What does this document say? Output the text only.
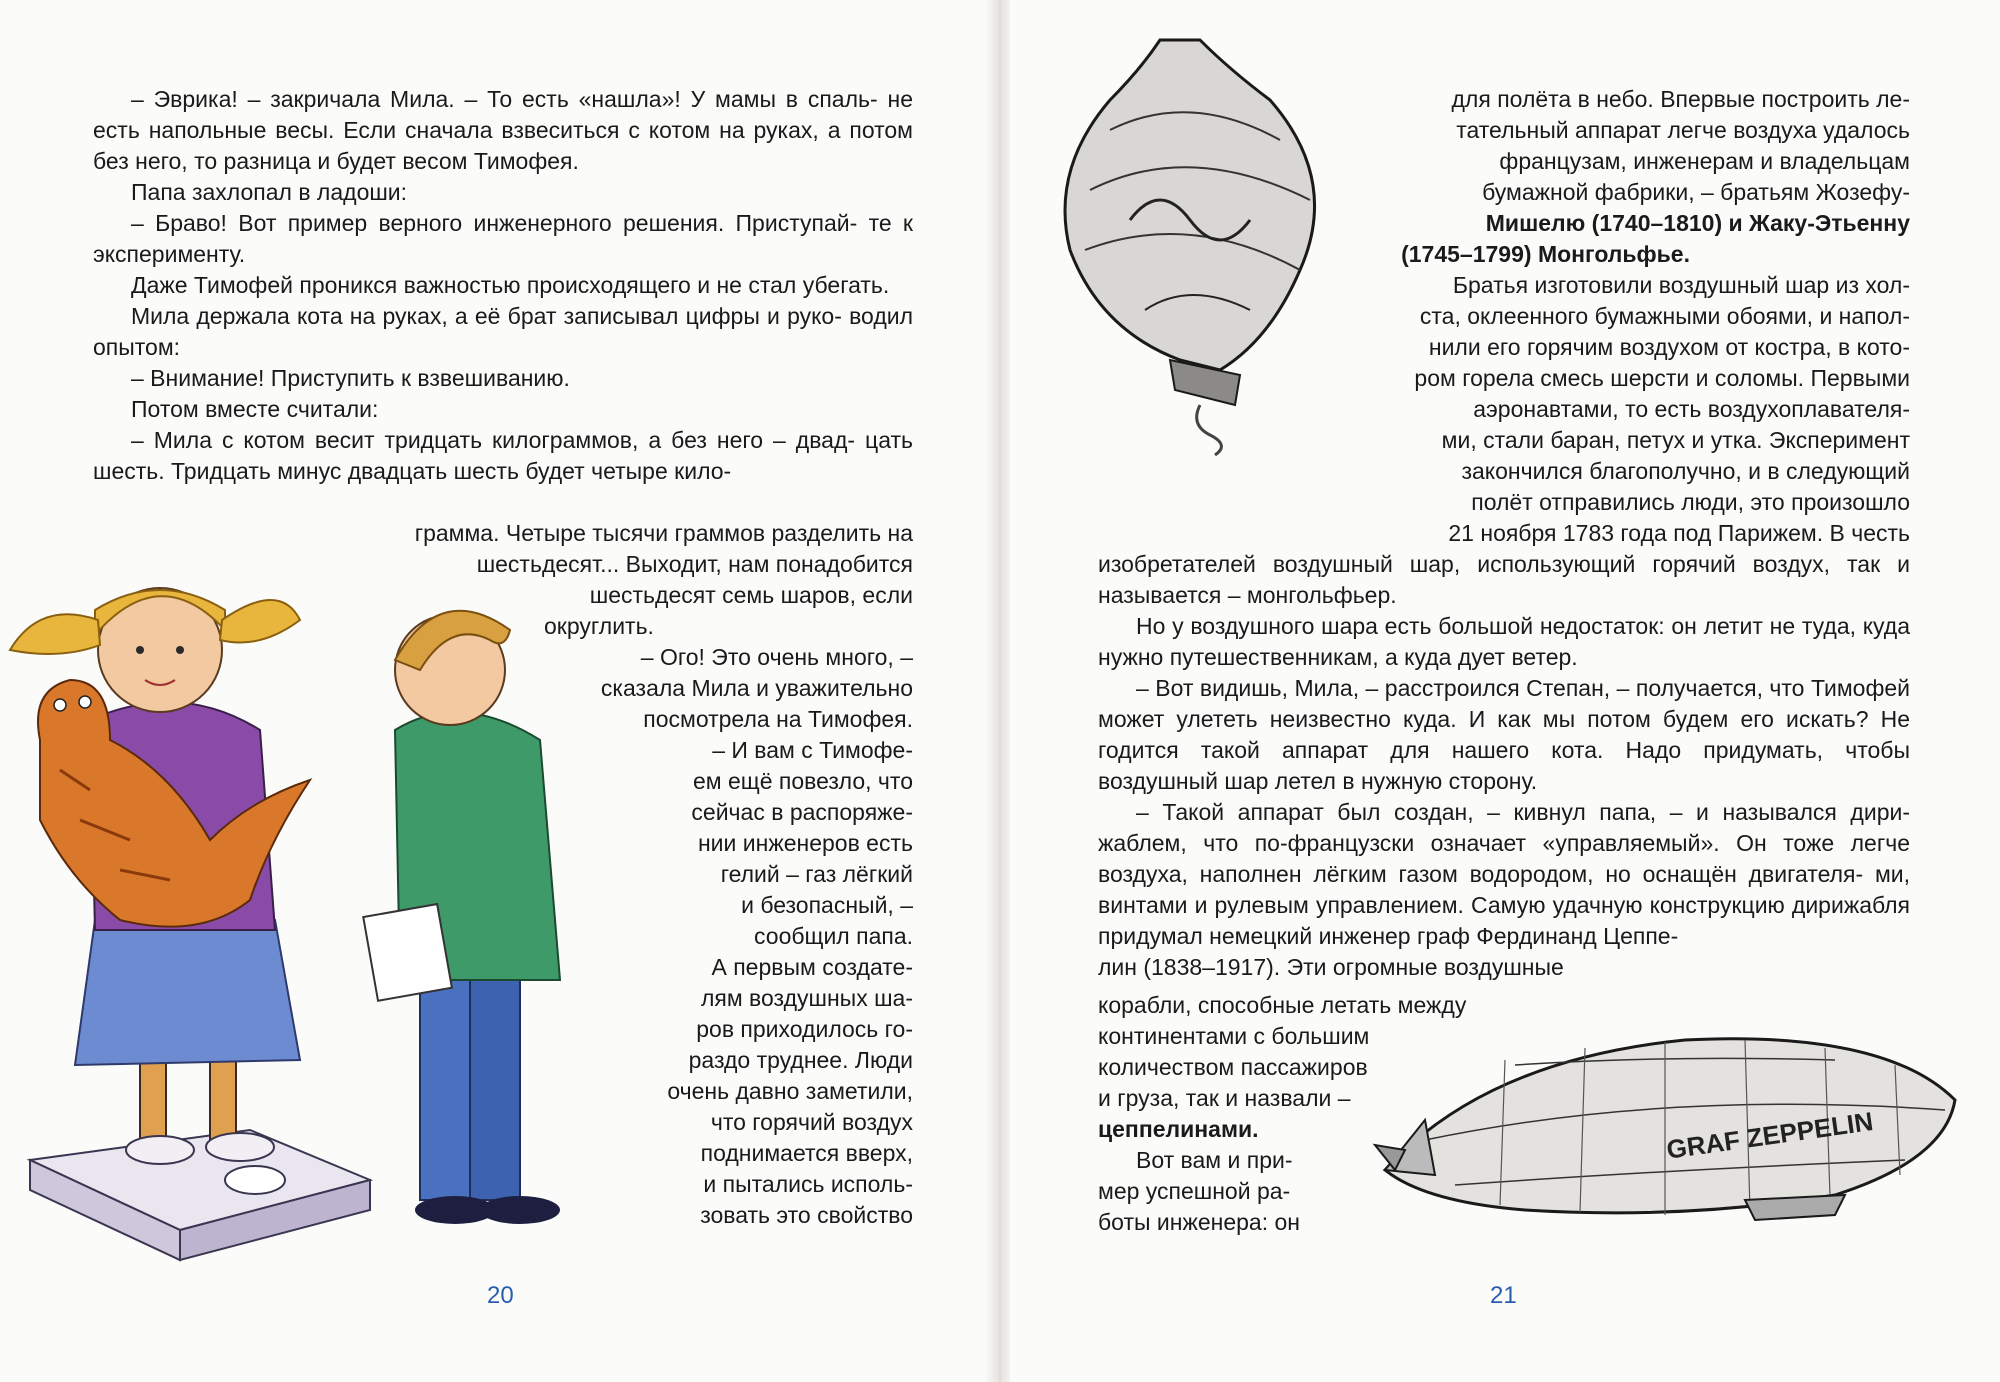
– Эврика! – закричала Мила. – То есть «нашла»! У мамы в спаль- не есть напольные весы. Если сначала взвеситься с котом на руках, а потом без него, то разница и будет весом Тимофея.

Папа захлопал в ладоши:

– Браво! Вот пример верного инженерного решения. Приступай- те к эксперименту.

Даже Тимофей проникся важностью происходящего и не стал убегать.

Мила держала кота на руках, а её брат записывал цифры и руко- водил опытом:

– Внимание! Приступить к взвешиванию.

Потом вместе считали:

– Мила с котом весит тридцать килограммов, а без него – двад- цать шесть. Тридцать минус двадцать шесть будет четыре кило-

грамма. Четыре тысячи граммов разделить на
шестьдесят... Выходит, нам понадобится
шестьдесят семь шаров, если
округлить.
– Ого! Это очень много, –
сказала Мила и уважительно
посмотрела на Тимофея.
– И вам с Тимофе-
ем ещё повезло, что
сейчас в распоряже-
нии инженеров есть
гелий – газ лёгкий
и безопасный, –
сообщил папа.
А первым создате-
лям воздушных ша-
ров приходилось го-
раздо труднее. Люди
очень давно заметили,
что горячий воздух
поднимается вверх,
и пытались исполь-
зовать это свойство
20
для полёта в небо. Впервые построить ле-
тательный аппарат легче воздуха удалось
французам, инженерам и владельцам
бумажной фабрики, – братьям Жозефу-
Мишелю (1740–1810) и Жаку-Этьенну
(1745–1799) Монгольфье.
Братья изготовили воздушный шар из хол-
ста, оклеенного бумажными обоями, и напол-
нили его горячим воздухом от костра, в кото-
ром горела смесь шерсти и соломы. Первыми
аэронавтами, то есть воздухоплавателя-
ми, стали баран, петух и утка. Эксперимент
закончился благополучно, и в следующий
полёт отправились люди, это произошло
21 ноября 1783 года под Парижем. В честь

изобретателей воздушный шар, использующий горячий воздух, так и называется – монгольфьер.

Но у воздушного шара есть большой недостаток: он летит не туда, куда нужно путешественникам, а куда дует ветер.

– Вот видишь, Мила, – расстроился Степан, – получается, что Тимофей может улететь неизвестно куда. И как мы потом будем его искать? Не годится такой аппарат для нашего кота. Надо придумать, чтобы воздушный шар летел в нужную сторону.

– Такой аппарат был создан, – кивнул папа, – и назывался дири- жаблем, что по-французски означает «управляемый». Он тоже легче воздуха, наполнен лёгким газом водородом, но оснащён двигателя- ми, винтами и рулевым управлением. Самую удачную конструкцию дирижабля придумал немецкий инженер граф Фердинанд Цеппе-

лин (1838–1917). Эти огромные воздушные

корабли, способные летать между
континентами с большим
количеством пассажиров
и груза, так и назвали –
цеппелинами.
Вот вам и при-
мер успешной ра-
боты инженера: он
GRAF ZEPPELIN
21
